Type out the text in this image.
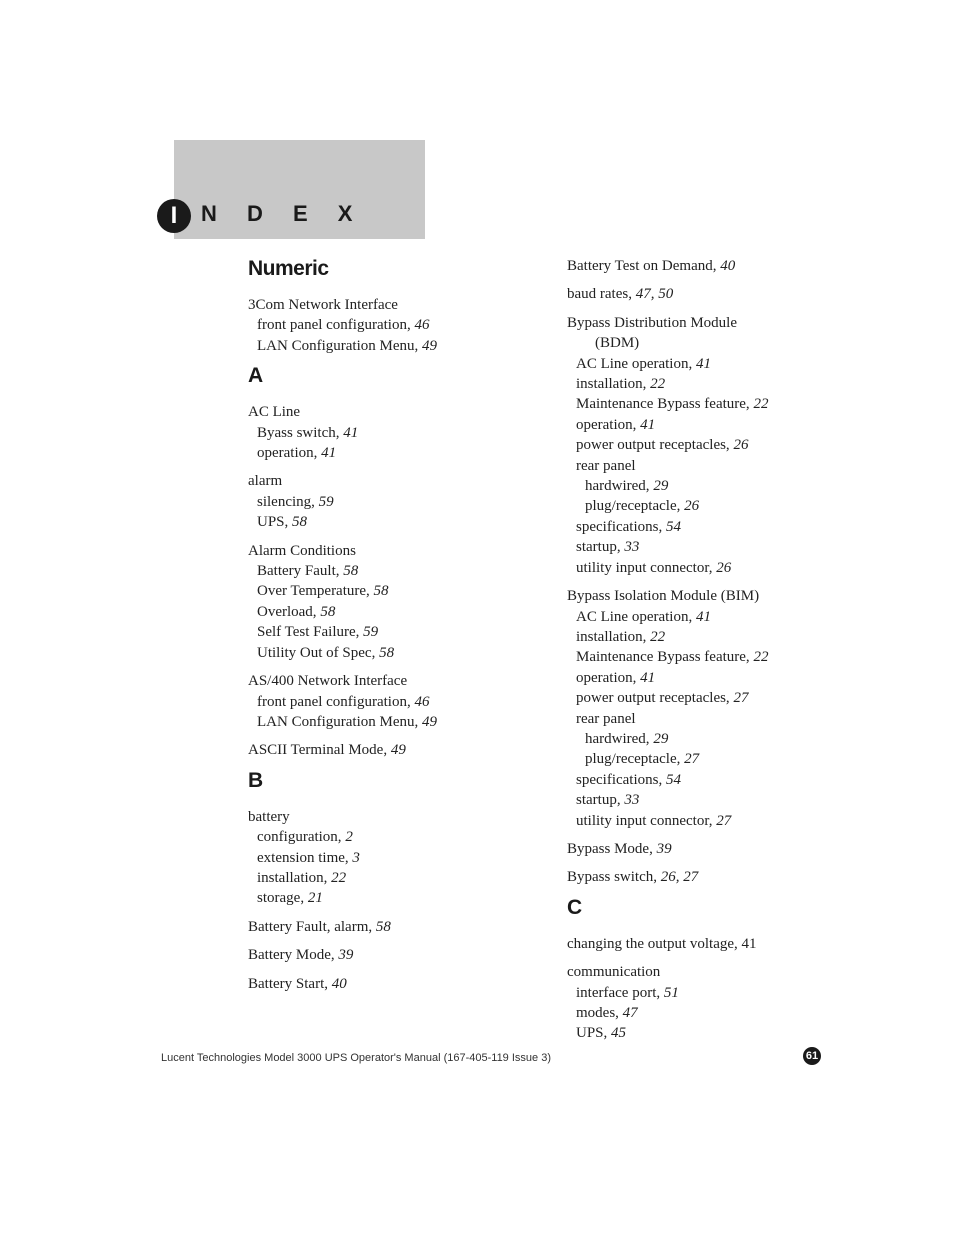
I	N D E X
Numeric
3Com Network Interface
front panel configuration, 46
LAN Configuration Menu, 49
A
AC Line
Byass switch, 41
operation, 41
alarm
silencing, 59
UPS, 58
Alarm Conditions
Battery Fault, 58
Over Temperature, 58
Overload, 58
Self Test Failure, 59
Utility Out of Spec, 58
AS/400 Network Interface
front panel configuration, 46
LAN Configuration Menu, 49
ASCII Terminal Mode, 49
B
battery
configuration, 2
extension time, 3
installation, 22
storage, 21
Battery Fault, alarm, 58
Battery Mode, 39
Battery Start, 40
Battery Test on Demand, 40
baud rates, 47, 50
Bypass Distribution Module
(BDM)
AC Line operation, 41
installation, 22
Maintenance Bypass feature, 22
operation, 41
power output receptacles, 26
rear panel
hardwired, 29
plug/receptacle, 26
specifications, 54
startup, 33
utility input connector, 26
Bypass Isolation Module (BIM)
AC Line operation, 41
installation, 22
Maintenance Bypass feature, 22
operation, 41
power output receptacles, 27
rear panel
hardwired, 29
plug/receptacle, 27
specifications, 54
startup, 33
utility input connector, 27
Bypass Mode, 39
Bypass switch, 26, 27
C
changing the output voltage, 41
communication
interface port, 51
modes, 47
UPS, 45
Lucent Technologies Model 3000 UPS Operator's Manual (167-405-119 Issue 3)	61
